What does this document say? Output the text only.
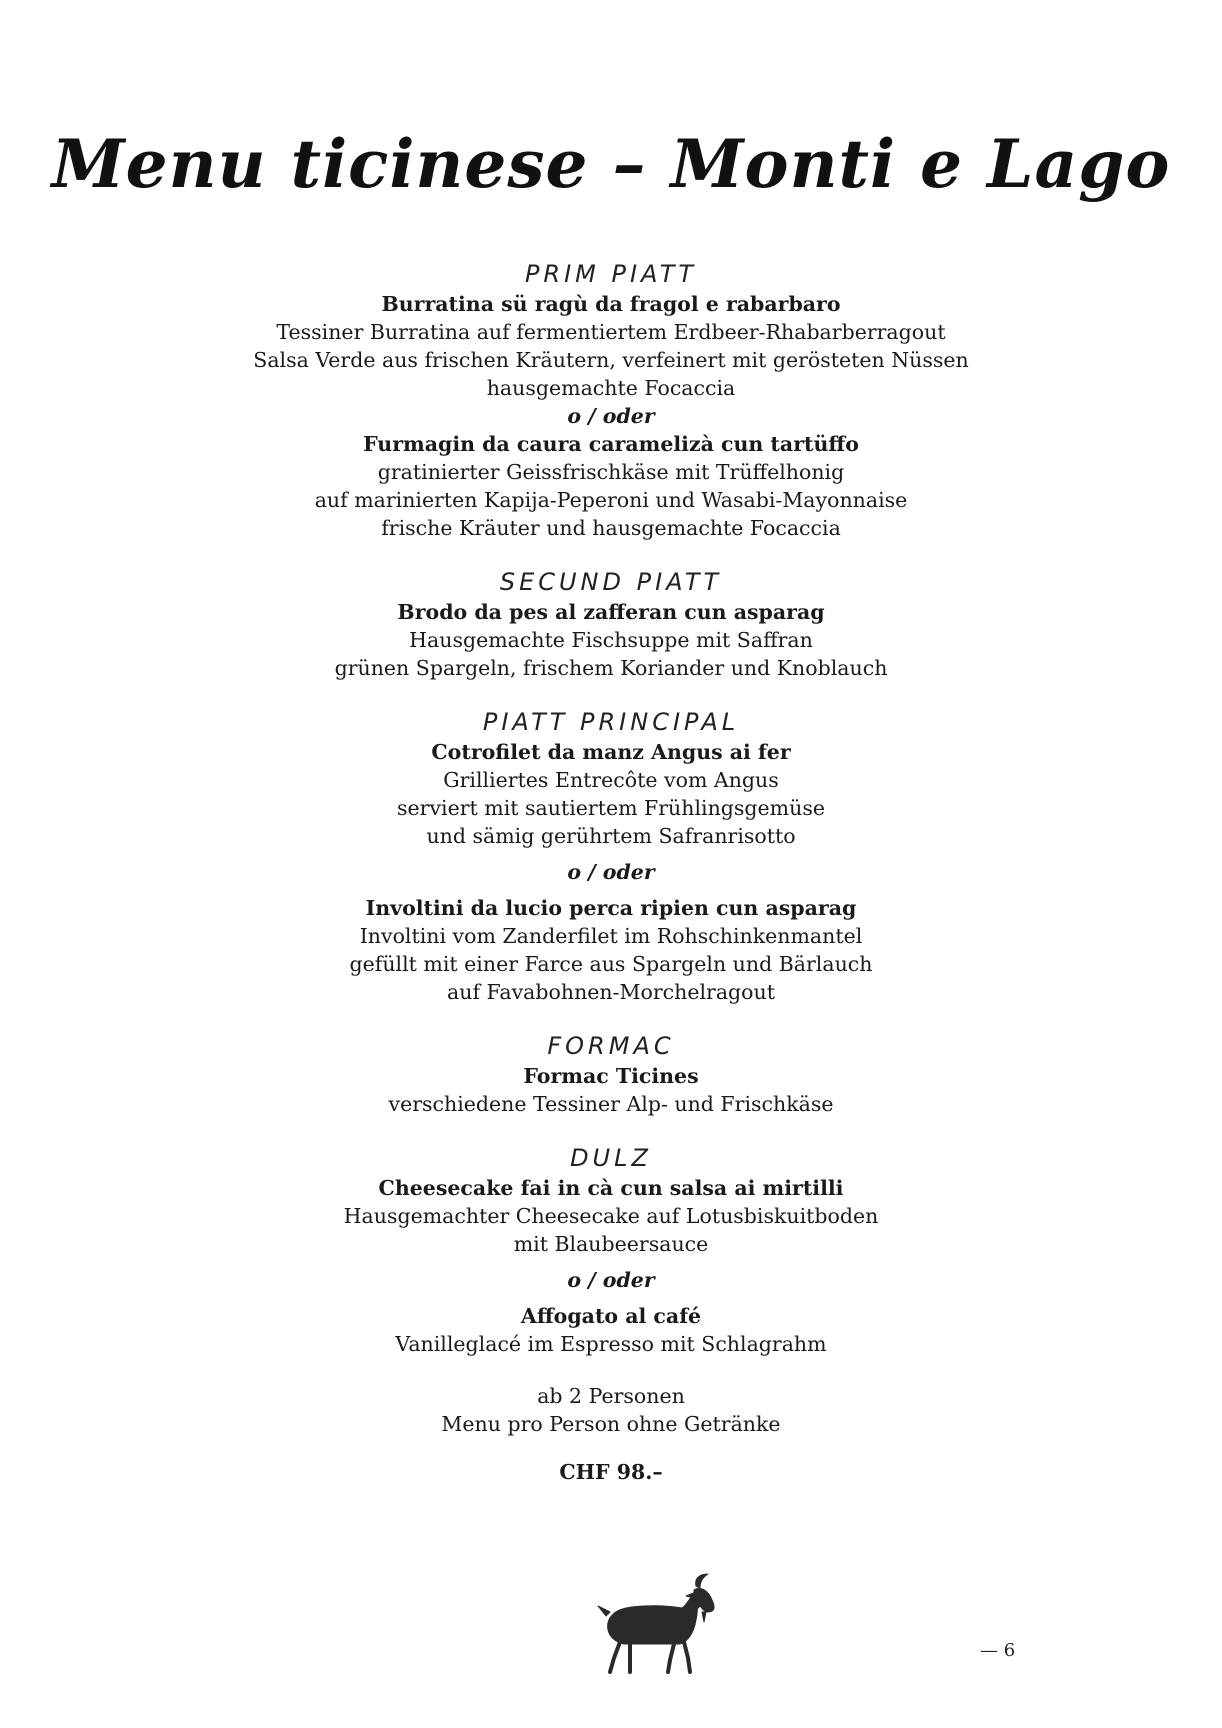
Menu ticinese – Monti e Lago
PRIM PIATT
Burratina sü ragù da fragol e rabarbaro
Tessiner Burratina auf fermentiertem Erdbeer-Rhabarberragout
Salsa Verde aus frischen Kräutern, verfeinert mit gerösteten Nüssen
hausgemachte Focaccia
o / oder
Furmagin da caura caramelizà cun tartüffo
gratinierter Geissfrischkäse mit Trüffelhonig
auf marinierten Kapija-Peperoni und Wasabi-Mayonnaise
frische Kräuter und hausgemachte Focaccia
SECUND PIATT
Brodo da pes al zafferan cun asparag
Hausgemachte Fischsuppe mit Saffran
grünen Spargeln, frischem Koriander und Knoblauch
PIATT PRINCIPAL
Cotrofilet da manz Angus ai fer
Grilliertes Entrecôte vom Angus
serviert mit sautiertem Frühlingsgemüse
und sämig gerührtem Safranrisotto
o / oder
Involtini da lucio perca ripien cun asparag
Involtini vom Zanderfilet im Rohschinkenmantel
gefüllt mit einer Farce aus Spargeln und Bärlauch
auf Favabohnen-Morchelragout
FORMAC
Formac Ticines
verschiedene Tessiner Alp- und Frischkäse
DULZ
Cheesecake fai in cà cun salsa ai mirtilli
Hausgemachter Cheesecake auf Lotusbiskuitboden
mit Blaubeersauce
o / oder
Affogato al café
Vanilleglacé im Espresso mit Schlagrahm
ab 2 Personen
Menu pro Person ohne Getränke
CHF 98.–
— 6
